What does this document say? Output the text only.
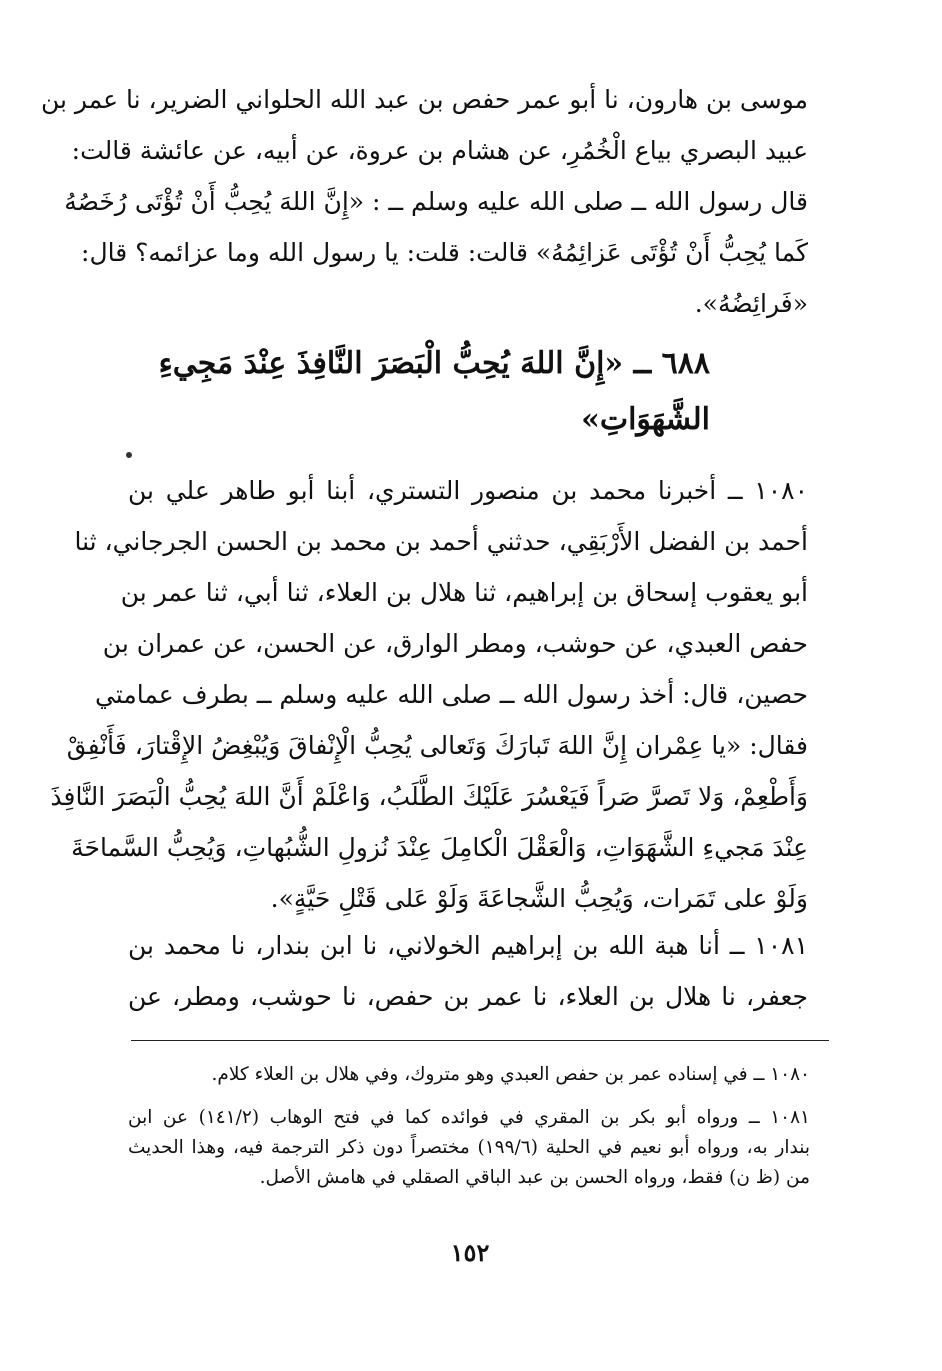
موسى بن هارون، نا أبو عمر حفص بن عبد الله الحلواني الضرير، نا عمر بن
عبيد البصري بياع الْخُمُرِ، عن هشام بن عروة، عن أبيه، عن عائشة قالت:
قال رسول الله ــ صلى الله عليه وسلم ــ : «إِنَّ اللهَ يُحِبُّ أَنْ تُؤْتَى رُخَصُهُ
كَما يُحِبُّ أَنْ تُؤْتَى عَزائِمُهُ» قالت: قلت: يا رسول الله وما عزائمه؟ قال:
«فَرائِضُهُ».
٦٨٨ ــ «إِنَّ اللهَ يُحِبُّ الْبَصَرَ النَّافِذَ عِنْدَ مَجِيءِ
الشَّهَوَاتِ»
١٠٨٠ ــ أخبرنا محمد بن منصور التستري، أبنا أبو طاهر علي بن
أحمد بن الفضل الأَرْبَقِي، حدثني أحمد بن محمد بن الحسن الجرجاني، ثنا
أبو يعقوب إسحاق بن إبراهيم، ثنا هلال بن العلاء، ثنا أبي، ثنا عمر بن
حفص العبدي، عن حوشب، ومطر الوارق، عن الحسن، عن عمران بن
حصين، قال: أخذ رسول الله ــ صلى الله عليه وسلم ــ بطرف عمامتي
فقال: «يا عِمْران إِنَّ اللهَ تَبارَكَ وَتَعالى يُحِبُّ الْإِنْفاقَ وَيُبْغِضُ الإِقْتارَ، فَأَنْفِقْ
وَأَطْعِمْ، وَلا تَصرَّ صَراً فَيَعْسُرَ عَلَيْكَ الطَّلَبُ، وَاعْلَمْ أَنَّ اللهَ يُحِبُّ الْبَصَرَ النَّافِذَ
عِنْدَ مَجيءِ الشَّهَوَاتِ، وَالْعَقْلَ الْكامِلَ عِنْدَ نُزولِ الشُّبُهاتِ، وَيُحِبُّ السَّماحَةَ
وَلَوْ على تَمَرات، وَيُحِبُّ الشَّجاعَةَ وَلَوْ عَلى قَتْلِ حَيَّةٍ».
١٠٨١ ــ أنا هبة الله بن إبراهيم الخولاني، نا ابن بندار، نا محمد بن
جعفر، نا هلال بن العلاء، نا عمر بن حفص، نا حوشب، ومطر، عن
١٠٨٠ ــ في إسناده عمر بن حفص العبدي وهو متروك، وفي هلال بن العلاء كلام.
١٠٨١ ــ ورواه أبو بكر بن المقري في فوائده كما في فتح الوهاب (١٤١/٢) عن ابن
بندار به، ورواه أبو نعيم في الحلية (١٩٩/٦) مختصراً دون ذكر الترجمة فيه، وهذا الحديث
من (ظ ن) فقط، ورواه الحسن بن عبد الباقي الصقلي في هامش الأصل.
١٥٢
